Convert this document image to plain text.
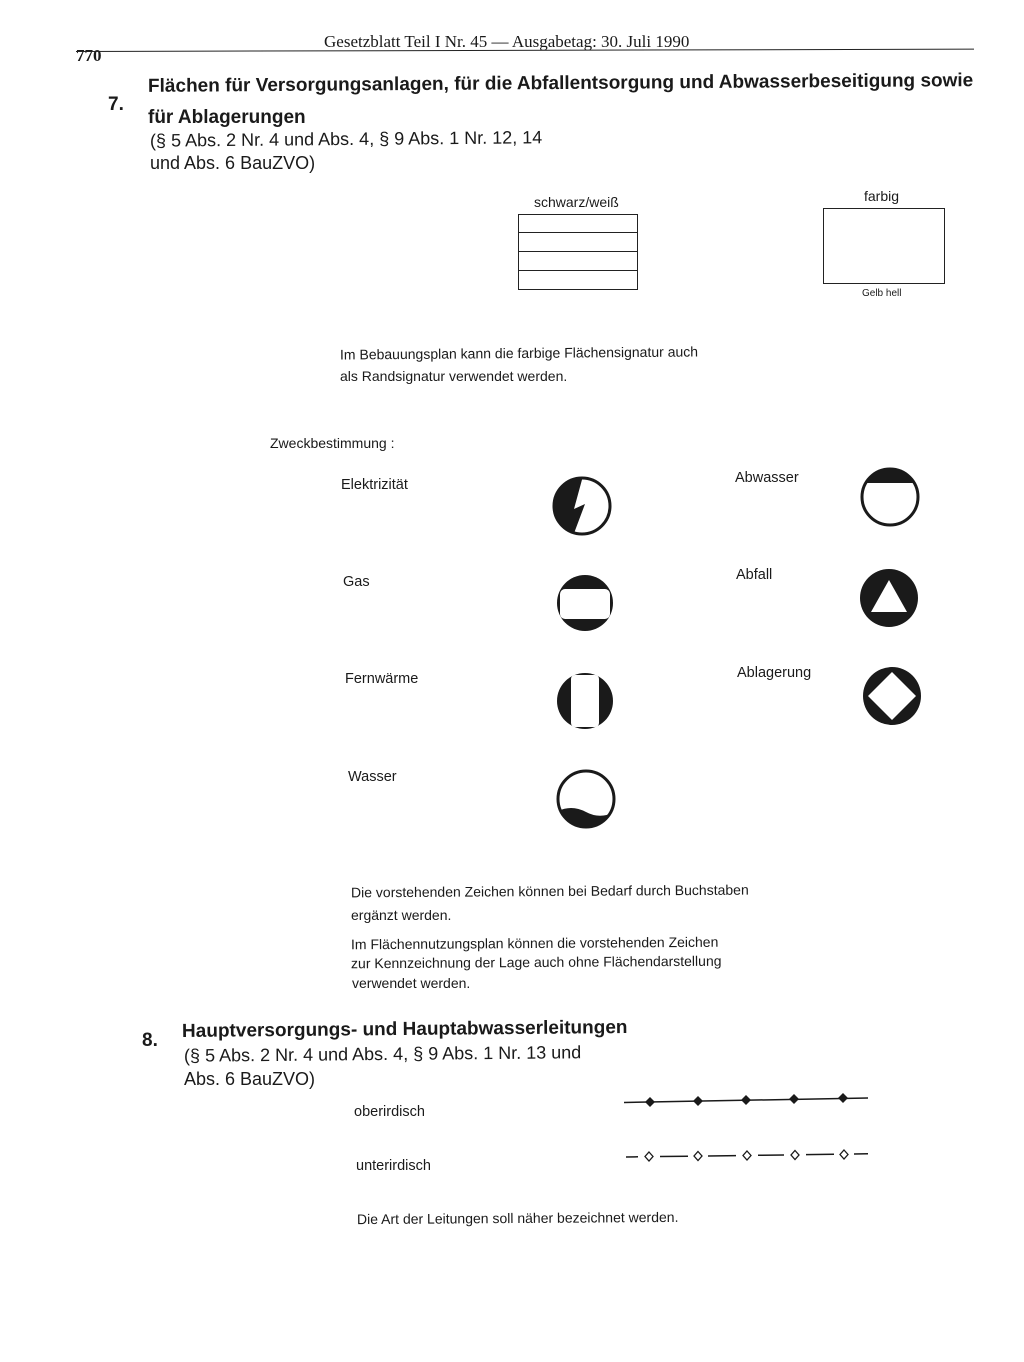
770
Gesetzblatt Teil I Nr. 45 — Ausgabetag: 30. Juli 1990
7.
Flächen für Versorgungsanlagen, für die Abfallentsorgung und Abwasserbeseitigung sowie
für Ablagerungen
(§ 5 Abs. 2 Nr. 4 und Abs. 4, § 9 Abs. 1 Nr. 12, 14
und Abs. 6 BauZVO)
schwarz/weiß	farbig
Gelb hell
Im Bebauungsplan kann die farbige Flächensignatur auch
als Randsignatur verwendet werden.
Zweckbestimmung :
Elektrizität
Gas
Fernwärme
Wasser
Abwasser
Abfall
Ablagerung
Die vorstehenden Zeichen können bei Bedarf durch Buchstaben
ergänzt werden.
Im Flächennutzungsplan können die vorstehenden Zeichen
zur Kennzeichnung der Lage auch ohne Flächendarstellung
verwendet werden.
8. Hauptversorgungs- und Hauptabwasserleitungen
(§ 5 Abs. 2 Nr. 4 und Abs. 4, § 9 Abs. 1 Nr. 13 und
Abs. 6 BauZVO)
oberirdisch
unterirdisch
Die Art der Leitungen soll näher bezeichnet werden.
